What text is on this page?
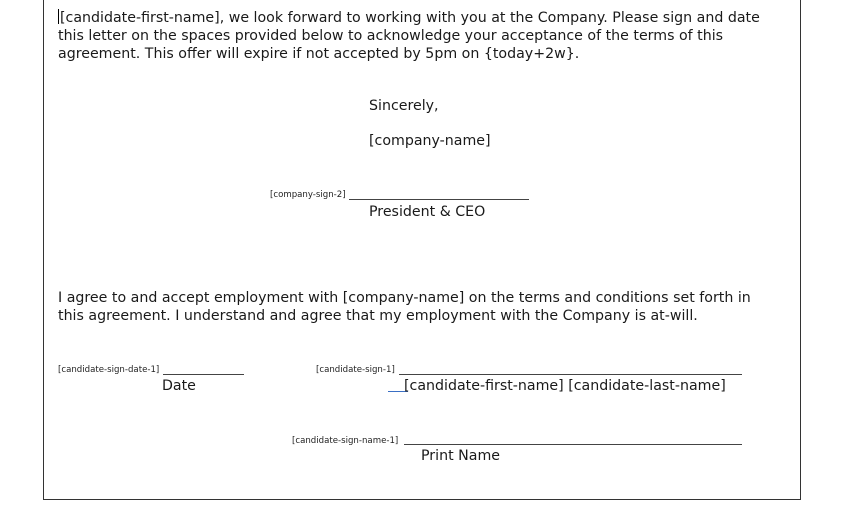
[candidate-first-name], we look forward to working with you at the Company. Please sign and date
this letter on the spaces provided below to acknowledge your acceptance of the terms of this
agreement. This offer will expire if not accepted by 5pm on {today+2w}.
Sincerely,
[company-name]
[company-sign-2]
President & CEO
I agree to and accept employment with [company-name] on the terms and conditions set forth in
this agreement. I understand and agree that my employment with the Company is at-will.
[candidate-sign-date-1]
Date
[candidate-sign-1]
[candidate-first-name] [candidate-last-name]
[candidate-sign-name-1]
Print Name
